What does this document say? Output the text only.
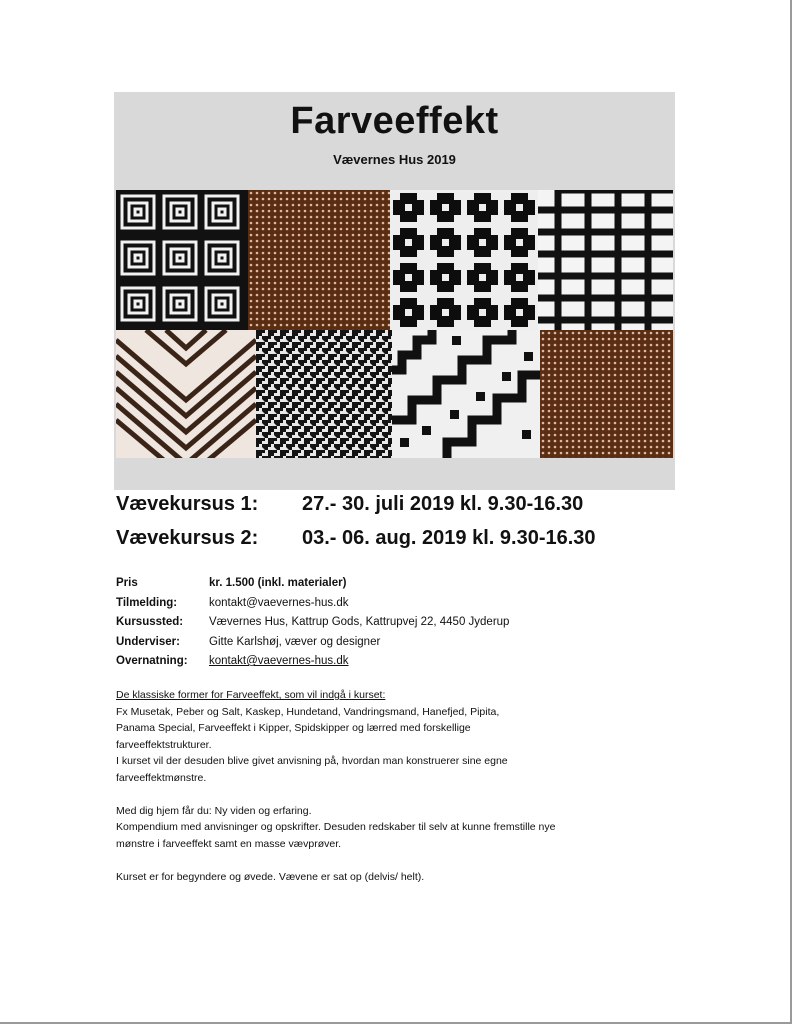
Farveeffekt
Vævernes Hus 2019
Vævekursus 1: 27.- 30. juli 2019 kl. 9.30-16.30
Vævekursus 2: 03.- 06. aug. 2019 kl. 9.30-16.30
Pris	kr. 1.500 (inkl. materialer)
Tilmelding:	kontakt@vaevernes-hus.dk
Kursussted: Vævernes Hus, Kattrup Gods, Kattrupvej 22, 4450 Jyderup
Underviser:	Gitte Karlshøj, væver og designer
Overnatning: kontakt@vaevernes-hus.dk

De klassiske former for Farveeffekt, som vil indgå i kurset:

Fx Musetak, Peber og Salt, Kaskep, Hundetand, Vandringsmand, Hanefjed, Pipita,

Panama Special, Farveeffekt i Kipper, Spidskipper og lærred med forskellige

farveeffektstrukturer.

I kurset vil der desuden blive givet anvisning på, hvordan man konstruerer sine egne

farveeffektmønstre.

Med dig hjem får du: Ny viden og erfaring.

Kompendium med anvisninger og opskrifter. Desuden redskaber til selv at kunne fremstille nye

mønstre i farveeffekt samt en masse vævprøver.

Kurset er for begyndere og øvede. Vævene er sat op (delvis/ helt).
